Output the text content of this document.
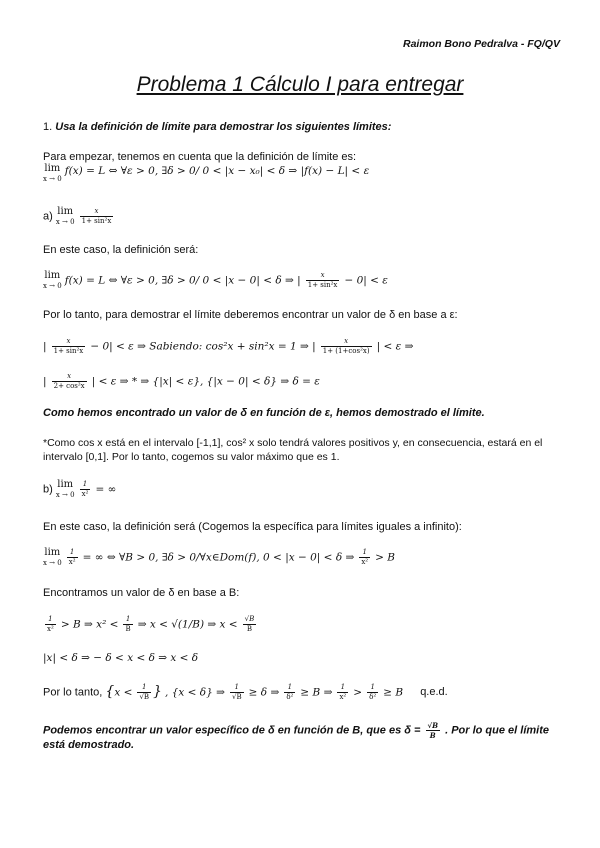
Raimon Bono Pedralva - FQ/QV
Problema 1 Cálculo I para entregar
1. Usa la definición de límite para demostrar los siguientes límites:
Para empezar, tenemos en cuenta que la definición de límite es:
lim
x → 0
f(x) = L ⇔ ∀ε > 0, ∃δ > 0/ 0 < |x − x₀| < δ ⇒ |f(x) − L| < ε
a) lim
x → 0
$\frac{x}{\text{1+ sin²x}}$
En este caso, la definición será:
lim
x → 0 f(x) = L ⇔ ∀ε > 0, ∃δ > 0/ 0 < |x − 0| < δ ⇒ | $\frac{x}{\text{1+ sin²x}} - 0| < \varepsilon$
Por lo tanto, para demostrar el límite deberemos encontrar un valor de δ en base a ε:
| $\frac{x}{\text{1+ sin²x}} - 0| < \varepsilon$ ⇒ Sabiendo: cos²x + sin²x = 1 ⇒ | $\frac{x}{\text{1+ (1+cos²x)}}$ | < ε ⇒
| $\frac{x}{\text{2+ cos²x}}$ | < ε ⇒ * ⇒ {|x| < ε}, {|x − 0| < δ} ⇒ δ = ε
Como hemos encontrado un valor de δ en función de ε, hemos demostrado el límite.
*Como cos x está en el intervalo [-1,1], cos² x solo tendrá valores positivos y, en consecuencia, estará en el
intervalo [0,1]. Por lo tanto, cogemos su valor máximo que es 1.
b) lim
x → 0
$\frac{1}{\text{x²}}$ = ∞
En este caso, la definición será (Cogemos la específica para límites iguales a infinito):
lim
x → 0
$\frac{1}{\text{x²}}$ = ∞ ⇔ ∀B > 0, ∃δ > 0/∀x∈Dom(f), 0 < |x − 0| < δ ⇒ $\frac{1}{\text{x²}} > B$
Encontramos un valor de δ en base a B:
$\frac{1}{\text{x²}} > B$ ⇒ $x^2 < \frac{1}{B}$ ⇒ x < √(1/B) ⇒ $x < \frac{√B}{B}$
|x| < δ ⇒ − δ < x < δ ⇒ x < δ
Por lo tanto, {$x < \frac{1}{√B}$ } , {x < δ} ⇒ $\frac{1}{√B} \ge \delta$ ⇒ $\frac{1}{\text{δ²}} \ge B$ ⇒ $\frac{1}{\text{x²}} > \frac{1}{\text{δ²}} \ge B$ q.e.d.
Podemos encontrar un valor específico de δ en función de B, que es $\delta = \frac{√B}{B}$ . Por lo que el límite
está demostrado.
